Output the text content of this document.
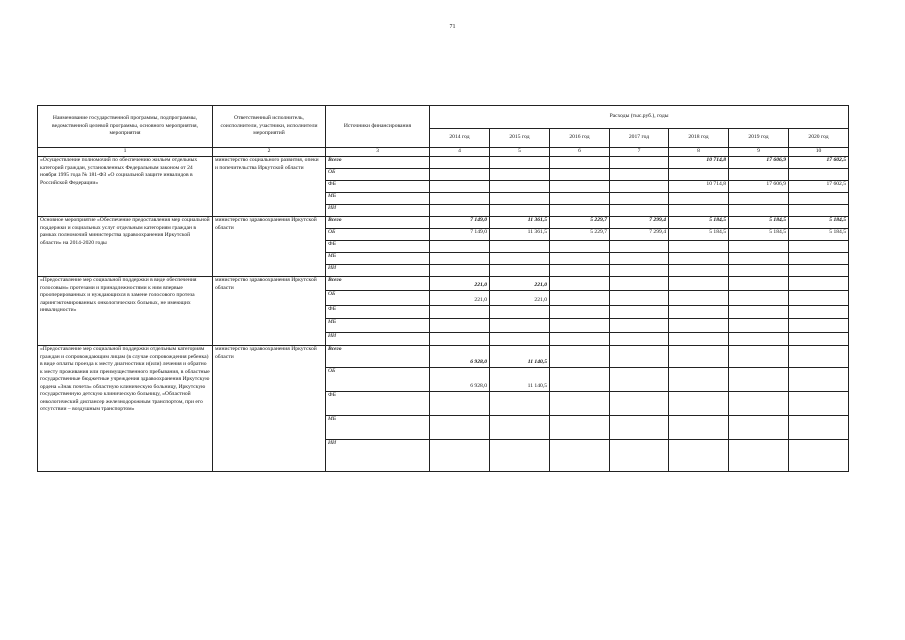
71
Наименование государственной программы, подпрограммы, ведомственной целевой программы, основного мероприятия, мероприятия	Ответственный исполнитель, соисполнители, участники, исполнители мероприятий	Источники финансирования	Расходы (тыс.руб.), годы						
			2014 год	2015 год	2016 год	2017 год	2018 год	2019 год	2020 год
1	2	3	4	5	6	7	8	9	10
«Осуществление полномочий по обеспечению жильем отдельных категорий граждан, установленных Федеральным законом от 24 ноября 1995 года № 181-ФЗ «О социальной защите инвалидов в Российской Федерации»	министерство социального развития, опеки и попечительства Иркутской области	Всего					10 714,8	17 606,9	17 602,5
		ОБ							
		ФБ					10 714,8	17 606,9	17 602,5
		МБ							
		ИИ							
Основное мероприятие «Обеспечение предоставления мер социальной поддержки и социальных услуг отдельным категориям граждан в рамках полномочий министерства здравоохранения Иркутской области» на 2014-2020 годы	министерство здравоохранения Иркутской области	Всего	7 149,0	11 361,5	5 229,7	7 299,4	5 184,5	5 184,5	5 184,5
		ОБ	7 149,0	11 361,5	5 229,7	7 299,4	5 184,5	5 184,5	5 184,5
		ФБ							
		МБ							
		ИИ							
«Предоставление мер социальной поддержки в виде обеспечения голосовым» протезами и принадлежностями к ним впервые прооперированных и нуждающихся в замене голосового протеза ларингэктомированных онкологических больных, не имеющих инвалидности»	министерство здравоохранения Иркутской области	Всего	221,0	221,0					
		ОБ	221,0	221,0					
		ФБ							
		МБ							
		ИИ							
«Предоставление мер социальной поддержки отдельным категориям граждан и сопровождающим лицам (в случае сопровождения ребенка) в виде оплаты проезда к месту диагностики и(или) лечения и обратно к месту проживания или преимущественного пребывания, в областные государственные бюджетные учреждения здравоохранения Иркутскую ордена «Знак почета» областную клиническую больницу, Иркутскую государственную детскую клиническую больницу, «Областной онкологический диспансер железнодорожным транспортом, при его отсутствии – воздушным транспортом»	министерство здравоохранения Иркутской области	Всего	6 928,0	11 140,5					
		ОБ	6 928,0	11 140,5					
		ФБ							
		МБ							
		ИИ							
